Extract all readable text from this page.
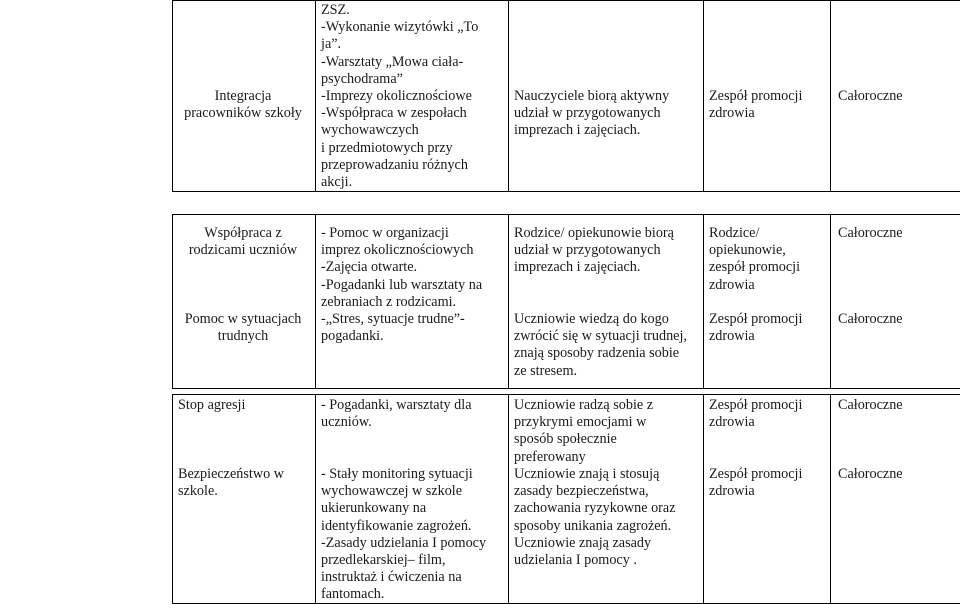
Integracja
pracowników szkoły
ZSZ.
-Wykonanie wizytówki „To
ja”.
-Warsztaty „Mowa ciała-
psychodrama”
-Imprezy okolicznościowe
-Współpraca w zespołach
wychowawczych
i przedmiotowych przy
przeprowadzaniu różnych
akcji.
Nauczyciele biorą aktywny
udział w przygotowanych
imprezach i zajęciach.
Zespół promocji
zdrowia
Całoroczne
Współpraca z
rodzicami uczniów
Pomoc w sytuacjach
trudnych
- Pomoc w organizacji
imprez okolicznościowych
-Zajęcia otwarte.
-Pogadanki lub warsztaty na
zebraniach z rodzicami.
-„Stres, sytuacje trudne”-
pogadanki.
Rodzice/ opiekunowie biorą
udział w przygotowanych
imprezach i zajęciach.
Uczniowie wiedzą do kogo
zwrócić się w sytuacji trudnej,
znają sposoby radzenia sobie
ze stresem.
Rodzice/
opiekunowie,
zespół promocji
zdrowia
Zespół promocji
zdrowia
Całoroczne
Całoroczne
Stop agresji
Bezpieczeństwo w
szkole.
- Pogadanki, warsztaty dla
uczniów.
- Stały monitoring sytuacji
wychowawczej w szkole
ukierunkowany na
identyfikowanie zagrożeń.
-Zasady udzielania I pomocy
przedlekarskiej– film,
instruktaż i ćwiczenia na
fantomach.
Uczniowie radzą sobie z
przykrymi emocjami w
sposób społecznie
preferowany
Uczniowie znają i stosują
zasady bezpieczeństwa,
zachowania ryzykowne oraz
sposoby unikania zagrożeń.
Uczniowie znają zasady
udzielania I pomocy .
Zespół promocji
zdrowia
Zespół promocji
zdrowia
Całoroczne
Całoroczne
